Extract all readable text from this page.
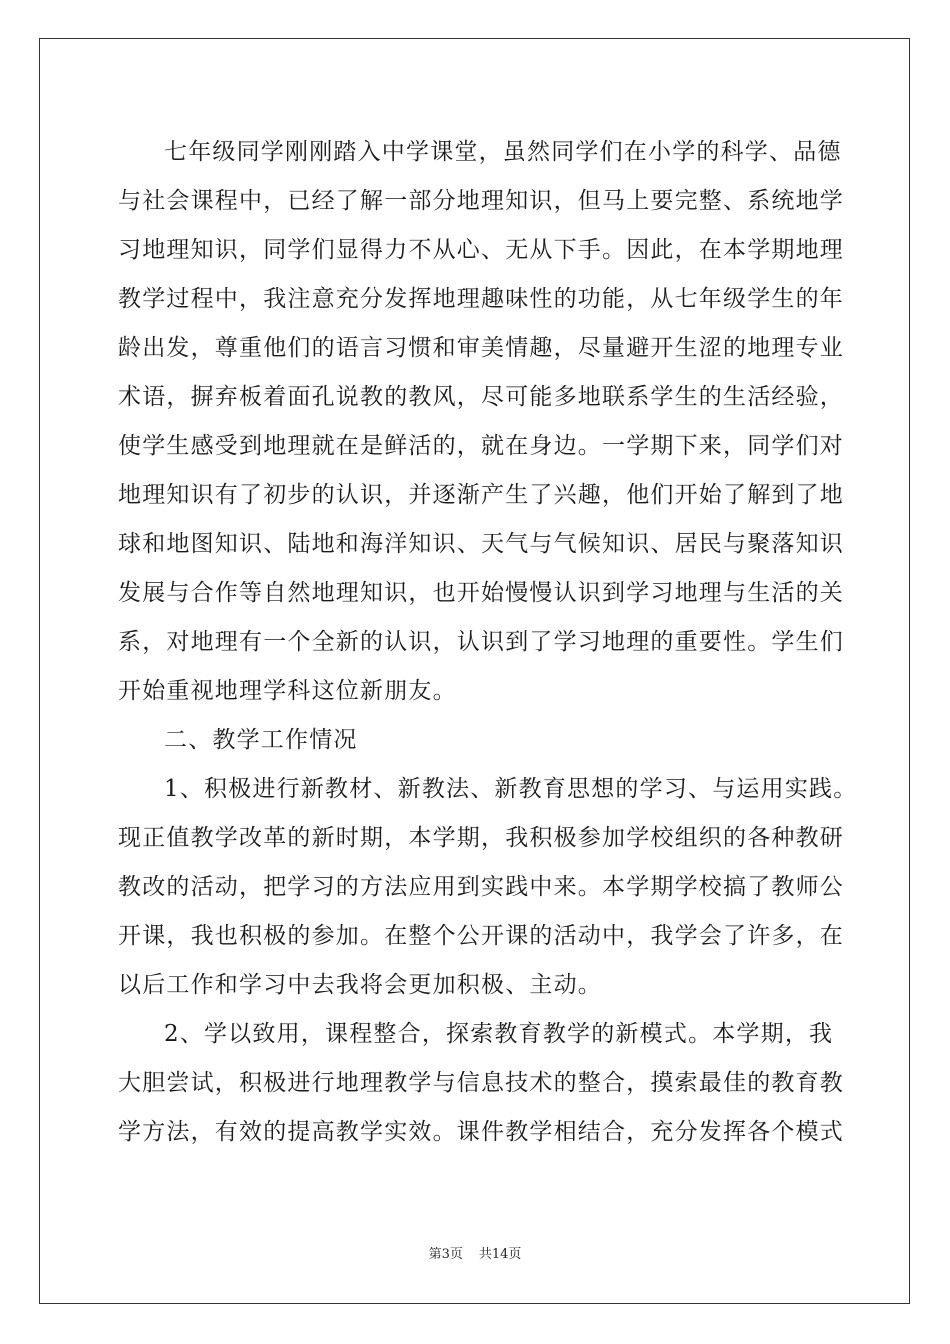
七年级同学刚刚踏入中学课堂，虽然同学们在小学的科学、品德
与社会课程中，已经了解一部分地理知识，但马上要完整、系统地学
习地理知识，同学们显得力不从心、无从下手。因此，在本学期地理
教学过程中，我注意充分发挥地理趣味性的功能，从七年级学生的年
龄出发，尊重他们的语言习惯和审美情趣，尽量避开生涩的地理专业
术语，摒弃板着面孔说教的教风，尽可能多地联系学生的生活经验，
使学生感受到地理就在是鲜活的，就在身边。一学期下来，同学们对
地理知识有了初步的认识，并逐渐产生了兴趣，他们开始了解到了地
球和地图知识、陆地和海洋知识、天气与气候知识、居民与聚落知识
发展与合作等自然地理知识，也开始慢慢认识到学习地理与生活的关
系，对地理有一个全新的认识，认识到了学习地理的重要性。学生们
开始重视地理学科这位新朋友。
二、教学工作情况
1、积极进行新教材、新教法、新教育思想的学习、与运用实践。
现正值教学改革的新时期，本学期，我积极参加学校组织的各种教研
教改的活动，把学习的方法应用到实践中来。本学期学校搞了教师公
开课，我也积极的参加。在整个公开课的活动中，我学会了许多，在
以后工作和学习中去我将会更加积极、主动。
2、学以致用，课程整合，探索教育教学的新模式。本学期，我
大胆尝试，积极进行地理教学与信息技术的整合，摸索最佳的教育教
学方法，有效的提高教学实效。课件教学相结合，充分发挥各个模式
第3页 共14页
